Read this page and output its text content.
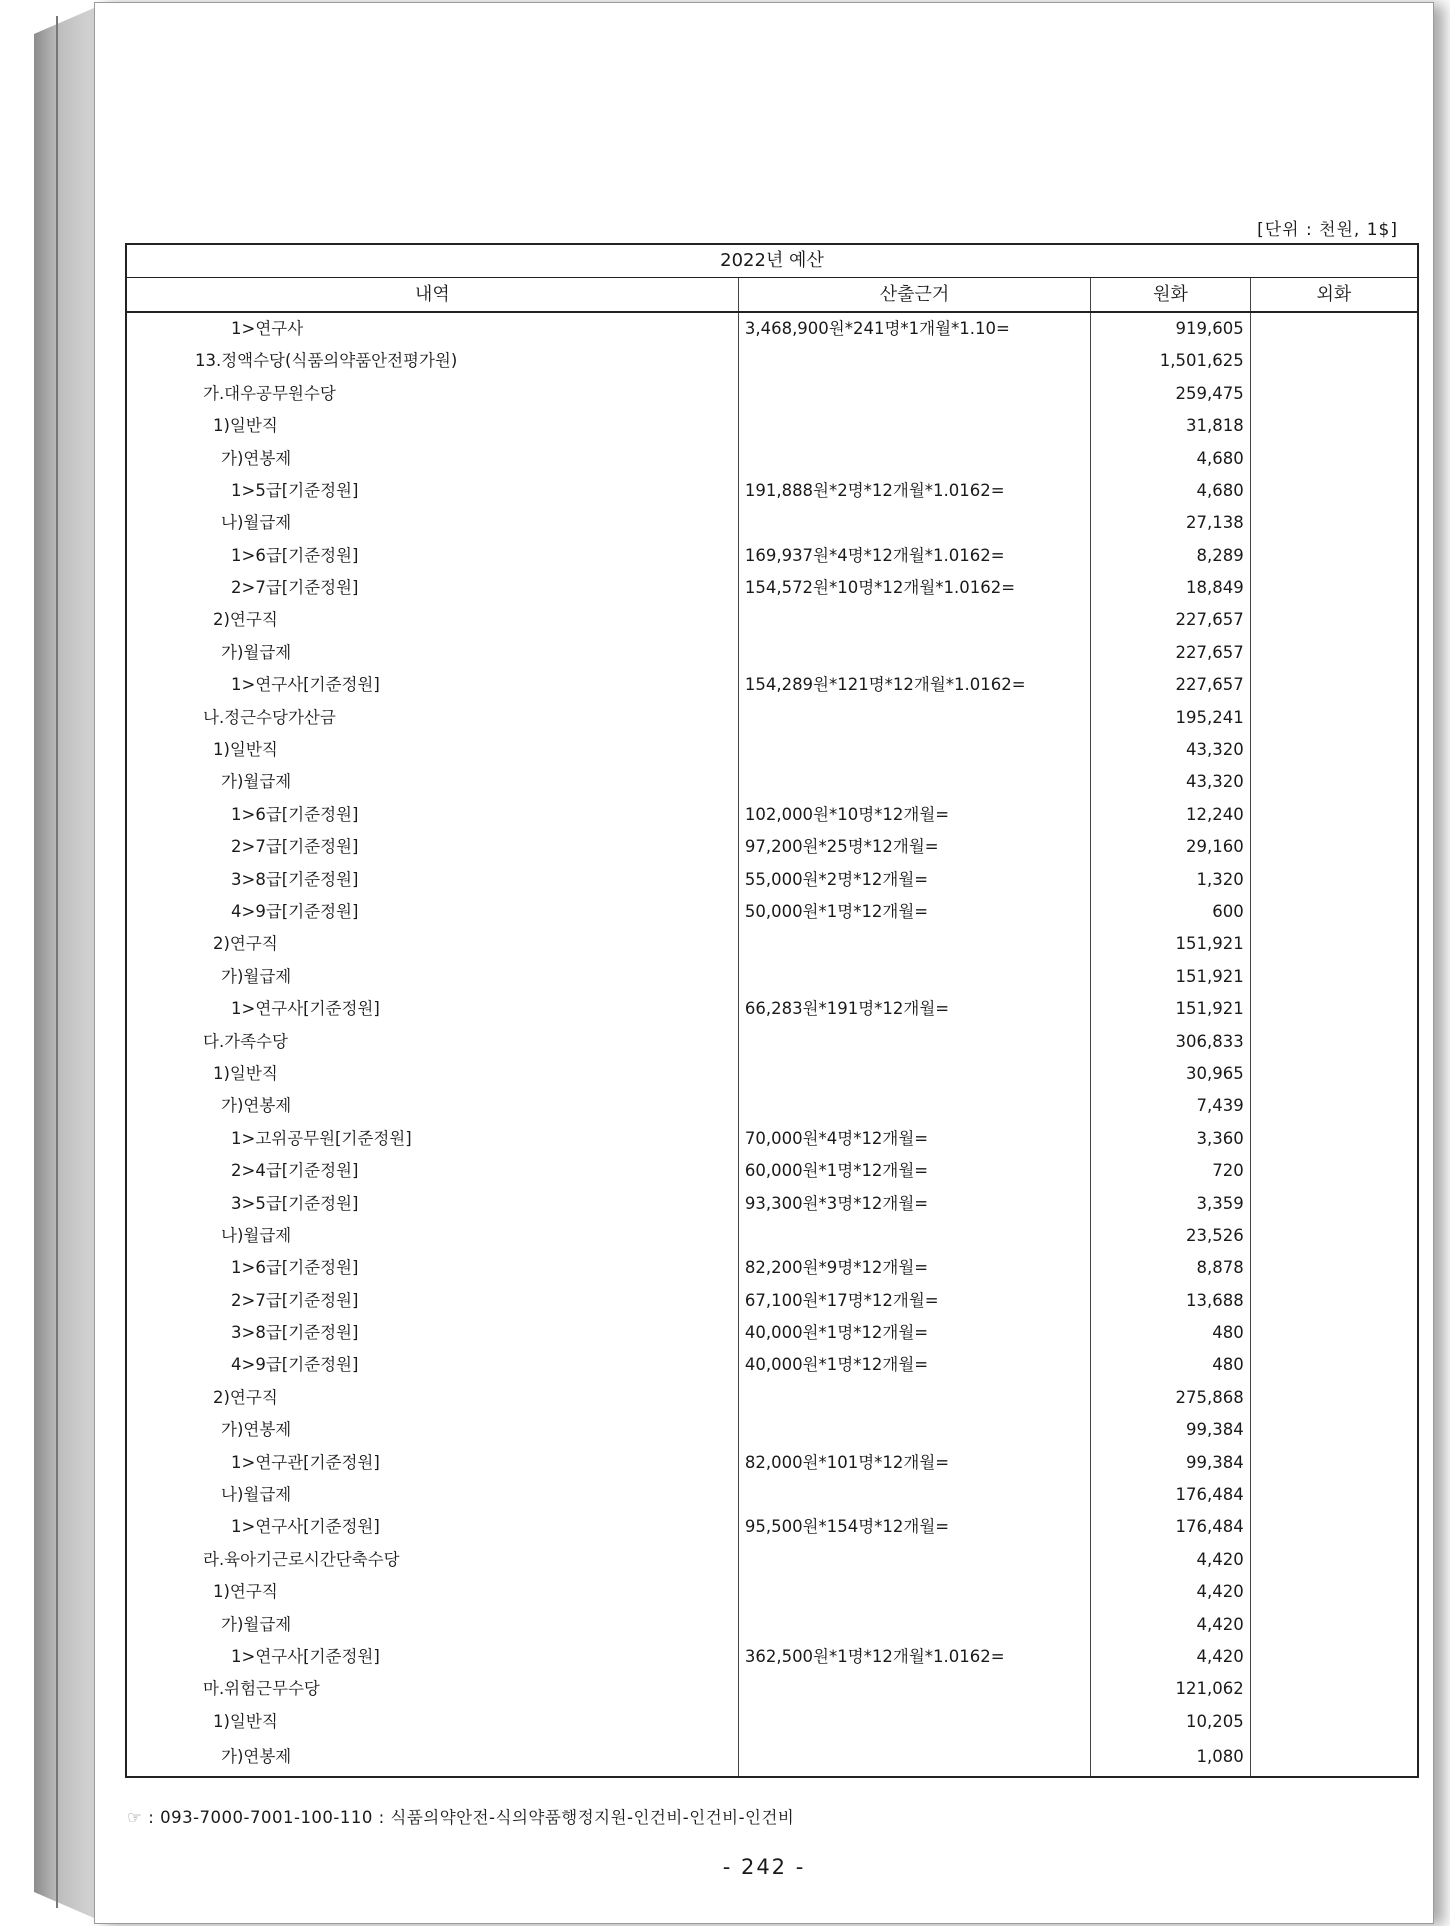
[단위 : 천원, 1$]
2022년 예산			
내역	산출근거	원화	외화
1>연구사	3,468,900원*241명*1개월*1.10=	919,605	
13.정액수당(식품의약품안전평가원)		1,501,625	
가.대우공무원수당		259,475	
1)일반직		31,818	
가)연봉제		4,680	
1>5급[기준정원]	191,888원*2명*12개월*1.0162=	4,680	
나)월급제		27,138	
1>6급[기준정원]	169,937원*4명*12개월*1.0162=	8,289	
2>7급[기준정원]	154,572원*10명*12개월*1.0162=	18,849	
2)연구직		227,657	
가)월급제		227,657	
1>연구사[기준정원]	154,289원*121명*12개월*1.0162=	227,657	
나.정근수당가산금		195,241	
1)일반직		43,320	
가)월급제		43,320	
1>6급[기준정원]	102,000원*10명*12개월=	12,240	
2>7급[기준정원]	97,200원*25명*12개월=	29,160	
3>8급[기준정원]	55,000원*2명*12개월=	1,320	
4>9급[기준정원]	50,000원*1명*12개월=	600	
2)연구직		151,921	
가)월급제		151,921	
1>연구사[기준정원]	66,283원*191명*12개월=	151,921	
다.가족수당		306,833	
1)일반직		30,965	
가)연봉제		7,439	
1>고위공무원[기준정원]	70,000원*4명*12개월=	3,360	
2>4급[기준정원]	60,000원*1명*12개월=	720	
3>5급[기준정원]	93,300원*3명*12개월=	3,359	
나)월급제		23,526	
1>6급[기준정원]	82,200원*9명*12개월=	8,878	
2>7급[기준정원]	67,100원*17명*12개월=	13,688	
3>8급[기준정원]	40,000원*1명*12개월=	480	
4>9급[기준정원]	40,000원*1명*12개월=	480	
2)연구직		275,868	
가)연봉제		99,384	
1>연구관[기준정원]	82,000원*101명*12개월=	99,384	
나)월급제		176,484	
1>연구사[기준정원]	95,500원*154명*12개월=	176,484	
라.육아기근로시간단축수당		4,420	
1)연구직		4,420	
가)월급제		4,420	
1>연구사[기준정원]	362,500원*1명*12개월*1.0162=	4,420	
마.위험근무수당		121,062	
1)일반직		10,205	
가)연봉제		1,080	
☞ : 093-7000-7001-100-110 : 식품의약안전-식의약품행정지원-인건비-인건비-인건비
- 242 -
